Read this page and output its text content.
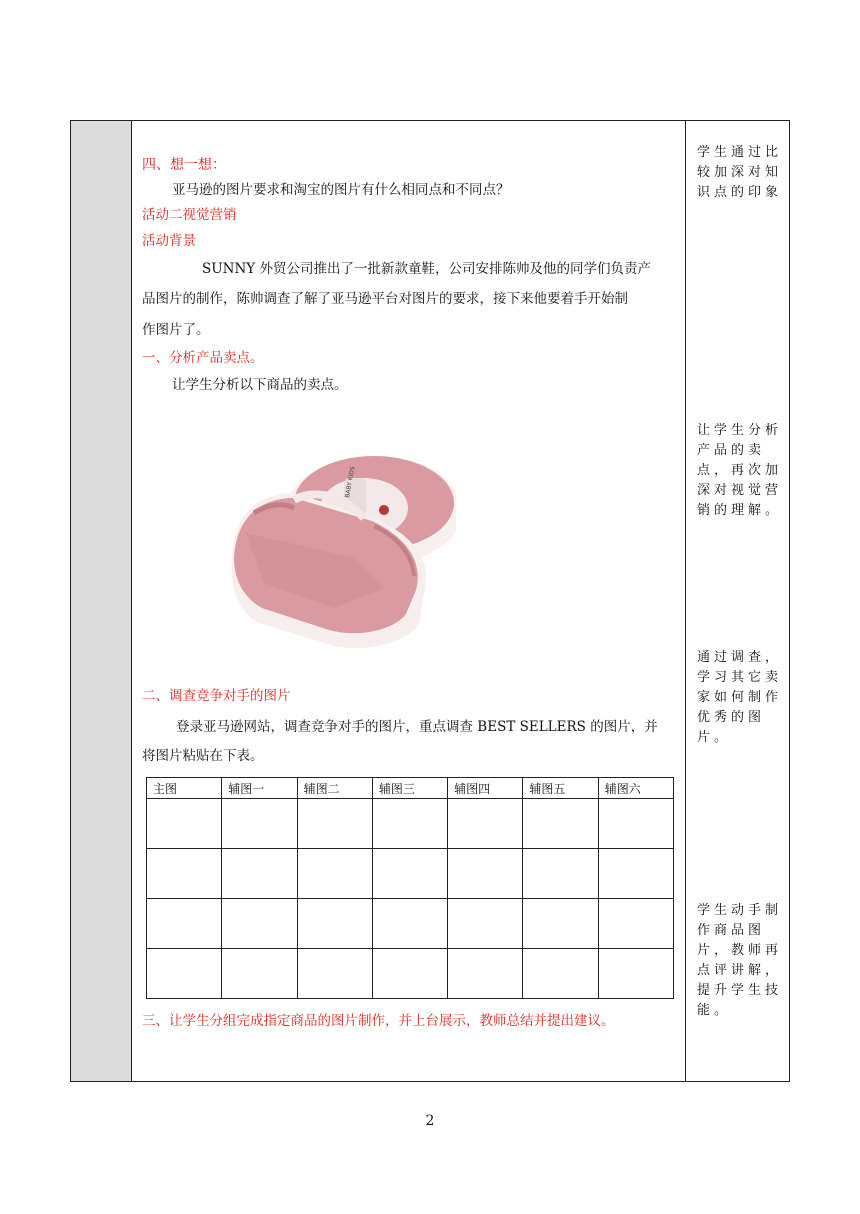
四、想一想：
亚马逊的图片要求和淘宝的图片有什么相同点和不同点？
活动二视觉营销
活动背景
SUNNY 外贸公司推出了一批新款童鞋，公司安排陈帅及他的同学们负责产
品图片的制作，陈帅调查了解了亚马逊平台对图片的要求，接下来他要着手开始制
作图片了。
一、分析产品卖点。
让学生分析以下商品的卖点。
BABY KIDS
二、调查竞争对手的图片
登录亚马逊网站，调查竞争对手的图片，重点调查 BEST SELLERS 的图片，并
将图片粘贴在下表。
三、让学生分组完成指定商品的图片制作，并上台展示，教师总结并提出建议。
主图	辅图一	辅图二	辅图三	辅图四	辅图五	辅图六

学生通过比较加深对知识点的印象
让学生分析产品的卖点，再次加深对视觉营销的理解。
通过调查，学习其它卖家如何制作优秀的图片。
学生动手制作商品图片，教师再点评讲解，提升学生技能。
2
